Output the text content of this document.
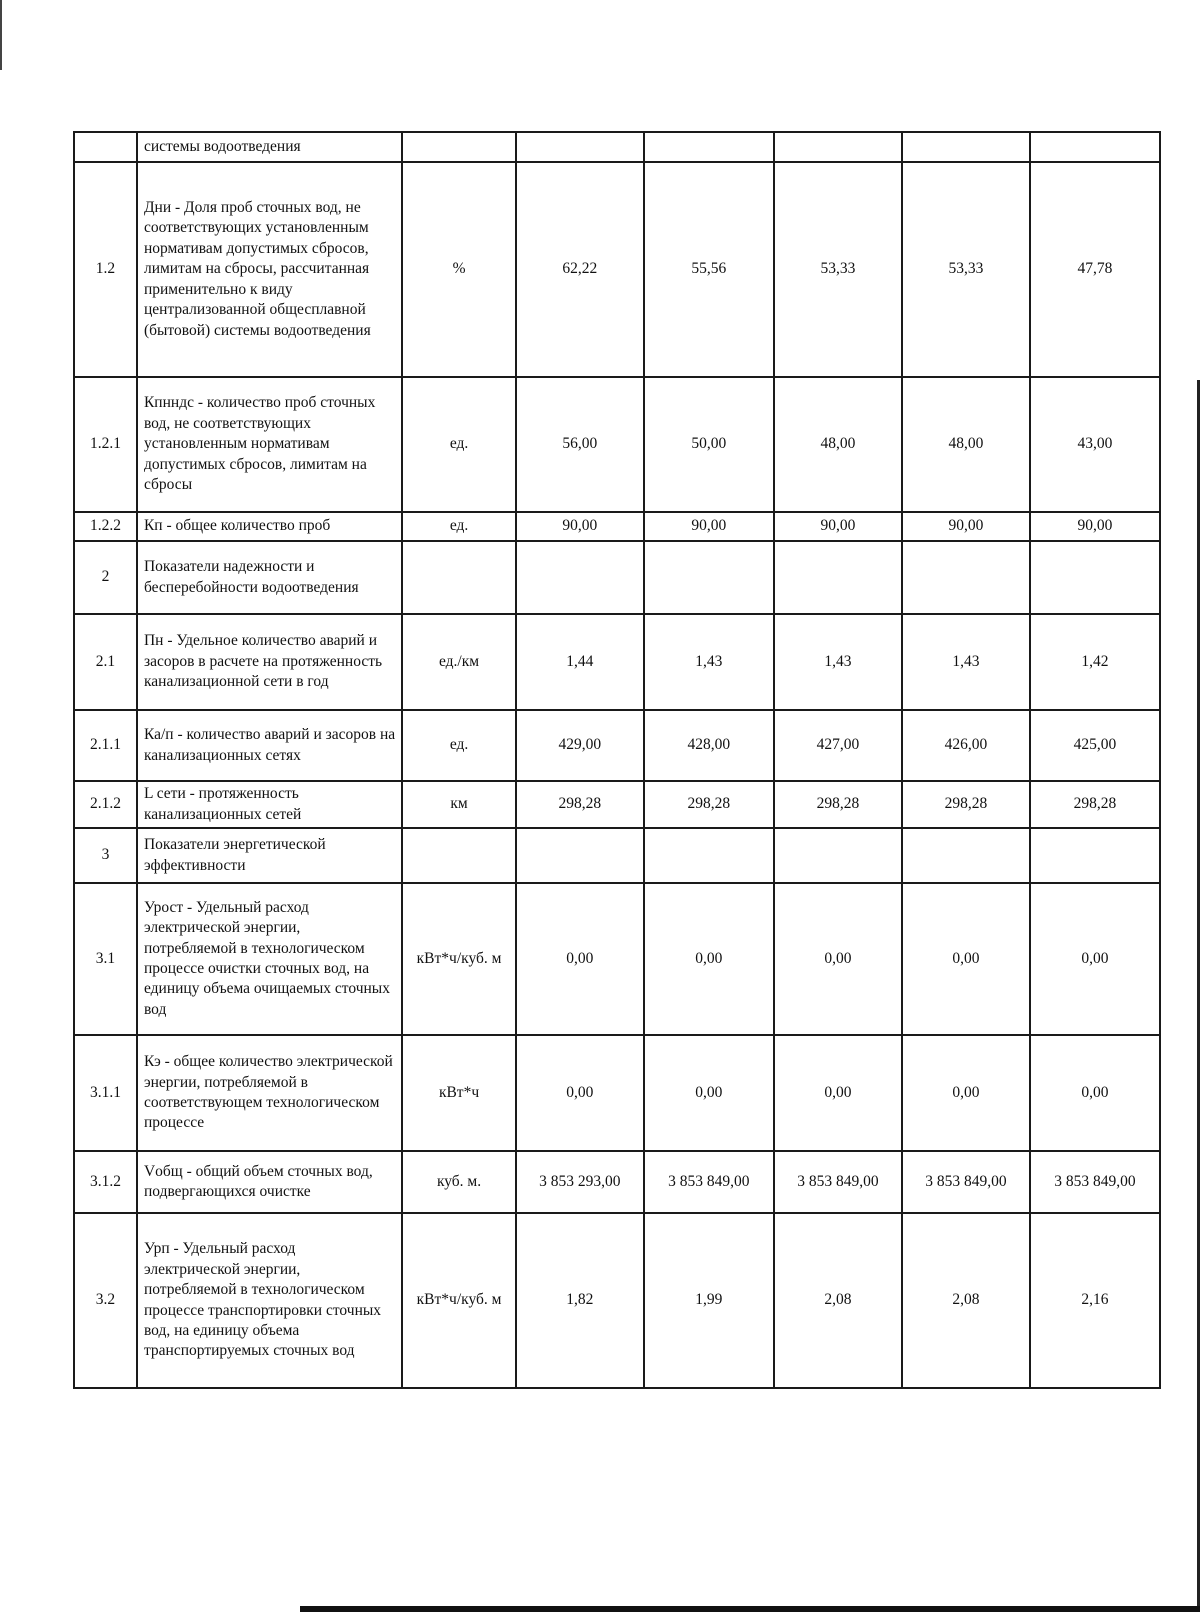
	системы водоотведения						
1.2	Дни - Доля проб сточных вод, не соответствующих установленным нормативам допустимых сбросов, лимитам на сбросы, рассчитанная применительно к виду централизованной общесплавной (бытовой) системы водоотведения	%	62,22	55,56	53,33	53,33	47,78
1.2.1	Кпнндс - количество проб сточных вод, не соответствующих установленным нормативам допустимых сбросов, лимитам на сбросы	ед.	56,00	50,00	48,00	48,00	43,00
1.2.2	Кп - общее количество проб	ед.	90,00	90,00	90,00	90,00	90,00
2	Показатели надежности и бесперебойности водоотведения						
2.1	Пн - Удельное количество аварий и засоров в расчете на протяженность канализационной сети в год	ед./км	1,44	1,43	1,43	1,43	1,42
2.1.1	Ка/п - количество аварий и засоров на канализационных сетях	ед.	429,00	428,00	427,00	426,00	425,00
2.1.2	L сети - протяженность канализационных сетей	км	298,28	298,28	298,28	298,28	298,28
3	Показатели энергетической эффективности						
3.1	Урост - Удельный расход электрической энергии, потребляемой в технологическом процессе очистки сточных вод, на единицу объема очищаемых сточных вод	кВт*ч/куб. м	0,00	0,00	0,00	0,00	0,00
3.1.1	Кэ - общее количество электрической энергии, потребляемой в соответствующем технологическом процессе	кВт*ч	0,00	0,00	0,00	0,00	0,00
3.1.2	Vобщ - общий объем сточных вод, подвергающихся очистке	куб. м.	3 853 293,00	3 853 849,00	3 853 849,00	3 853 849,00	3 853 849,00
3.2	Урп - Удельный расход электрической энергии, потребляемой в технологическом процессе транспортировки сточных вод, на единицу объема транспортируемых сточных вод	кВт*ч/куб. м	1,82	1,99	2,08	2,08	2,16
